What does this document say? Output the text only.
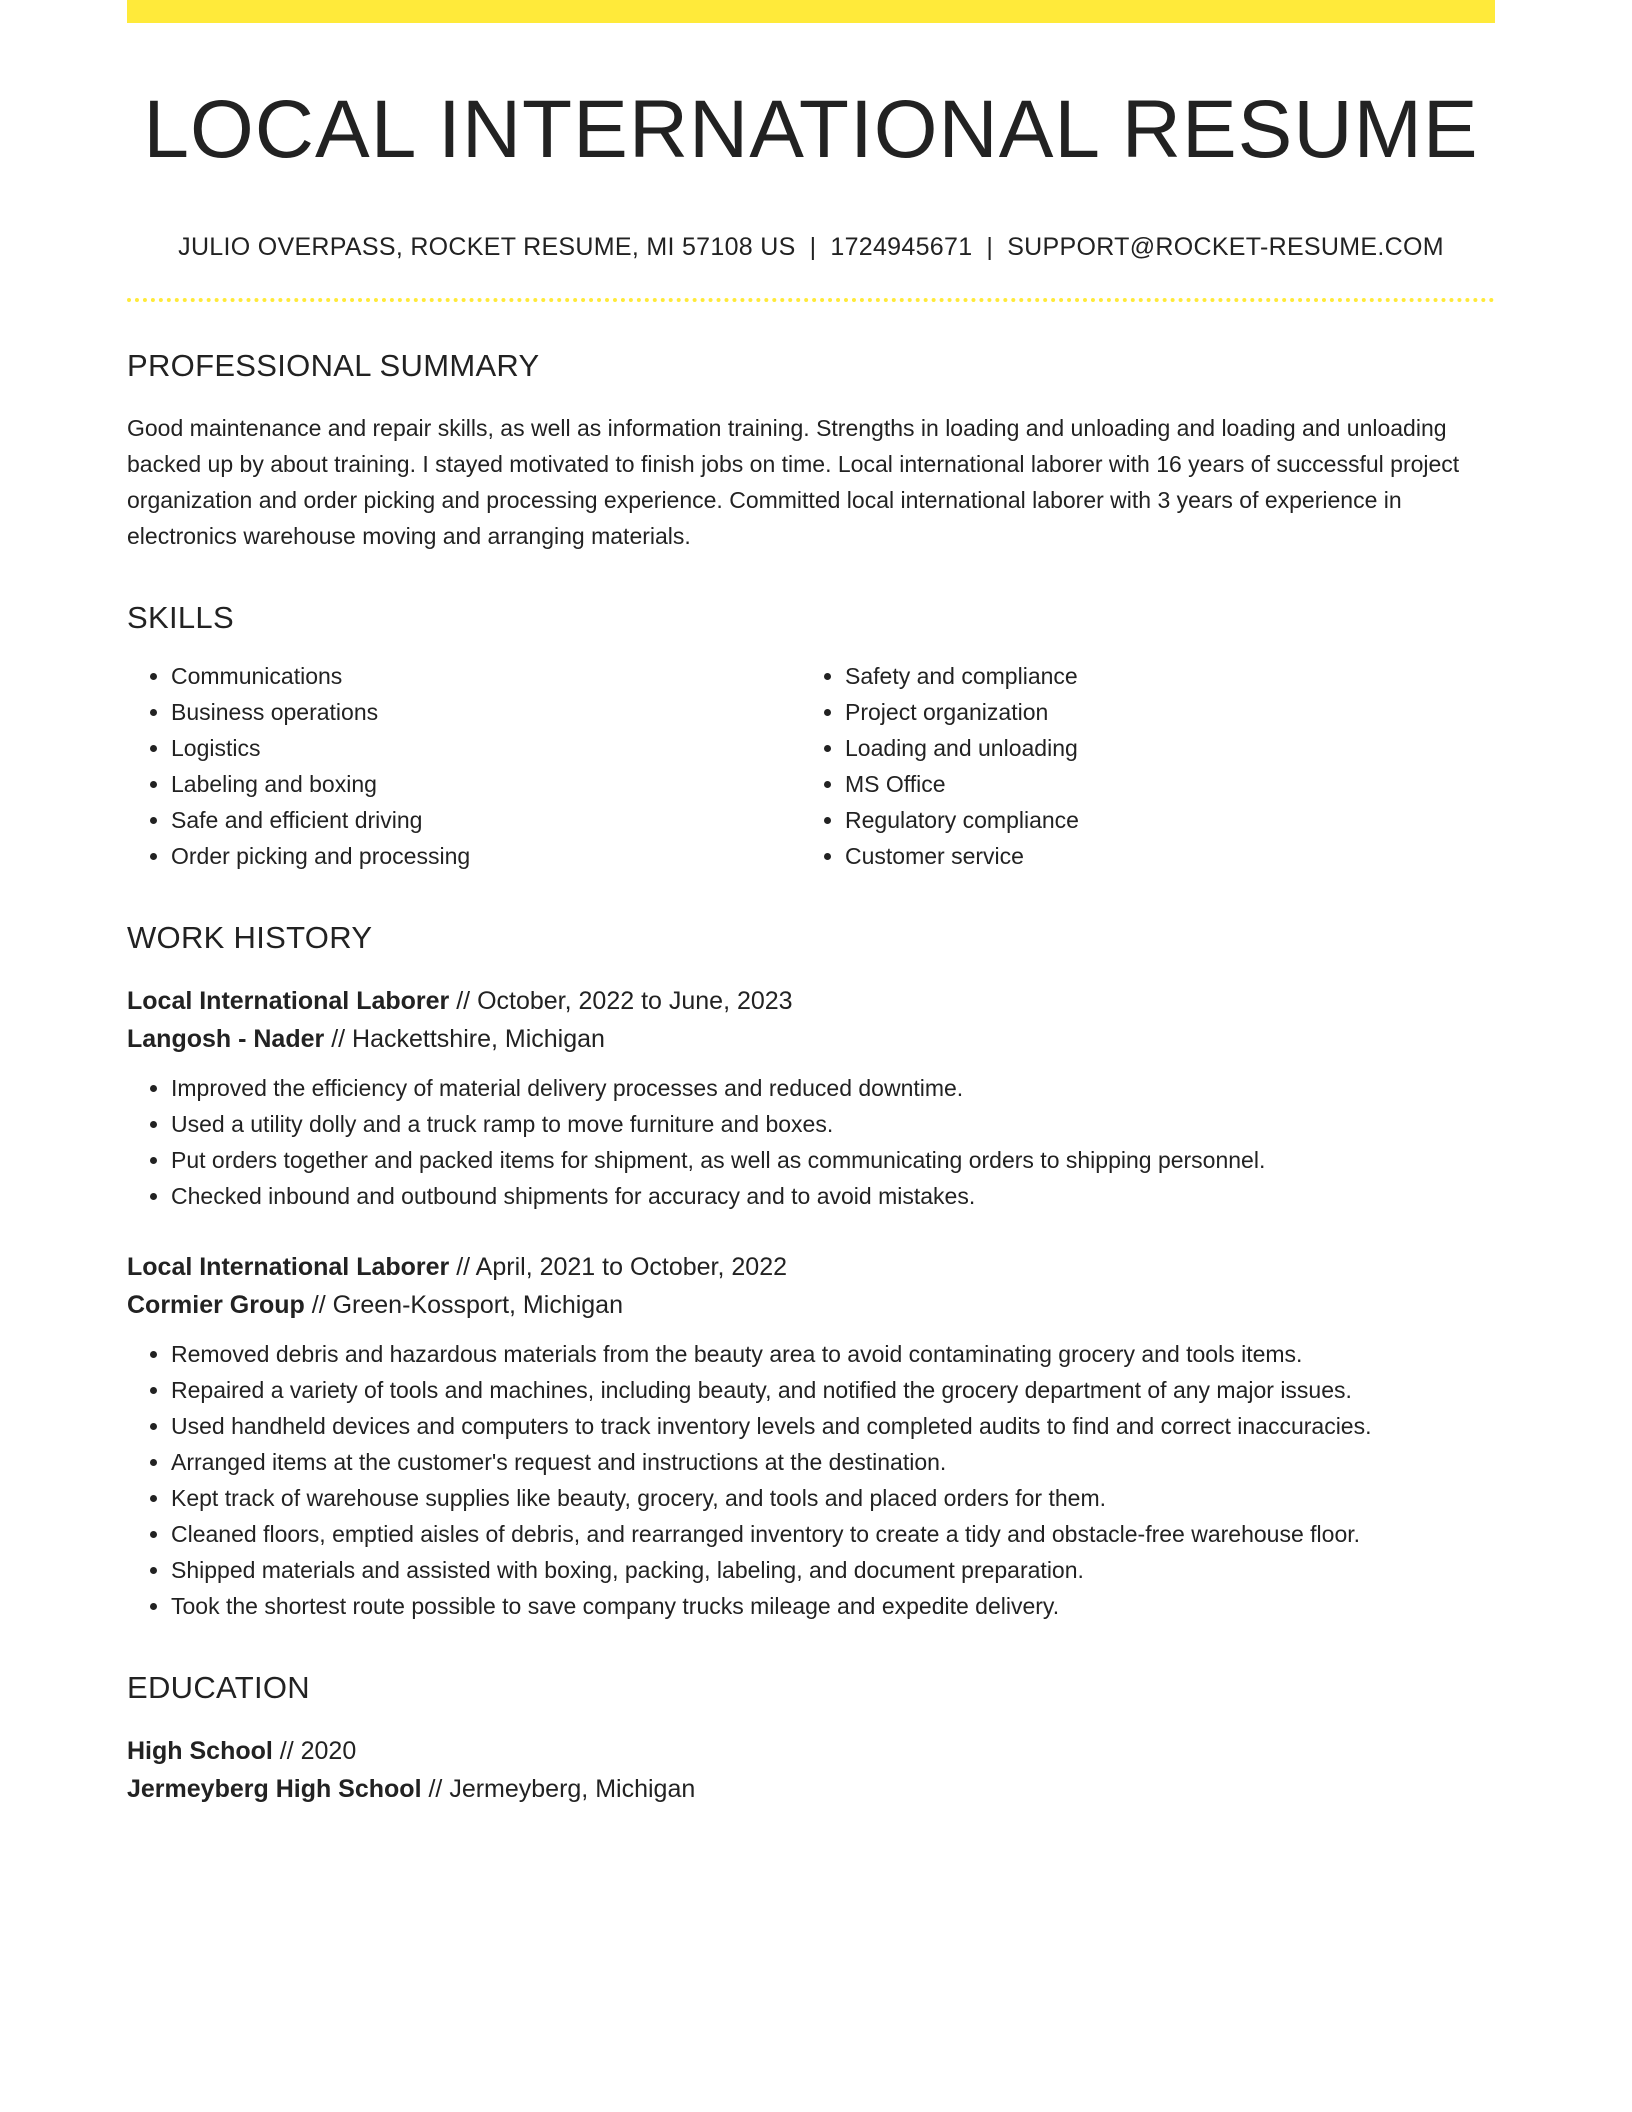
LOCAL INTERNATIONAL RESUME
JULIO OVERPASS, ROCKET RESUME, MI 57108 US | 1724945671 | SUPPORT@ROCKET-RESUME.COM
PROFESSIONAL SUMMARY
Good maintenance and repair skills, as well as information training. Strengths in loading and unloading and loading and unloading backed up by about training. I stayed motivated to finish jobs on time. Local international laborer with 16 years of successful project organization and order picking and processing experience. Committed local international laborer with 3 years of experience in electronics warehouse moving and arranging materials.
SKILLS
• Communications
• Business operations
• Logistics
• Labeling and boxing
• Safe and efficient driving
• Order picking and processing
• Safety and compliance
• Project organization
• Loading and unloading
• MS Office
• Regulatory compliance
• Customer service
WORK HISTORY
Local International Laborer // October, 2022 to June, 2023
Langosh - Nader // Hackettshire, Michigan
• Improved the efficiency of material delivery processes and reduced downtime.
• Used a utility dolly and a truck ramp to move furniture and boxes.
• Put orders together and packed items for shipment, as well as communicating orders to shipping personnel.
• Checked inbound and outbound shipments for accuracy and to avoid mistakes.
Local International Laborer // April, 2021 to October, 2022
Cormier Group // Green-Kossport, Michigan
• Removed debris and hazardous materials from the beauty area to avoid contaminating grocery and tools items.
• Repaired a variety of tools and machines, including beauty, and notified the grocery department of any major issues.
• Used handheld devices and computers to track inventory levels and completed audits to find and correct inaccuracies.
• Arranged items at the customer's request and instructions at the destination.
• Kept track of warehouse supplies like beauty, grocery, and tools and placed orders for them.
• Cleaned floors, emptied aisles of debris, and rearranged inventory to create a tidy and obstacle-free warehouse floor.
• Shipped materials and assisted with boxing, packing, labeling, and document preparation.
• Took the shortest route possible to save company trucks mileage and expedite delivery.
EDUCATION
High School // 2020
Jermeyberg High School // Jermeyberg, Michigan
